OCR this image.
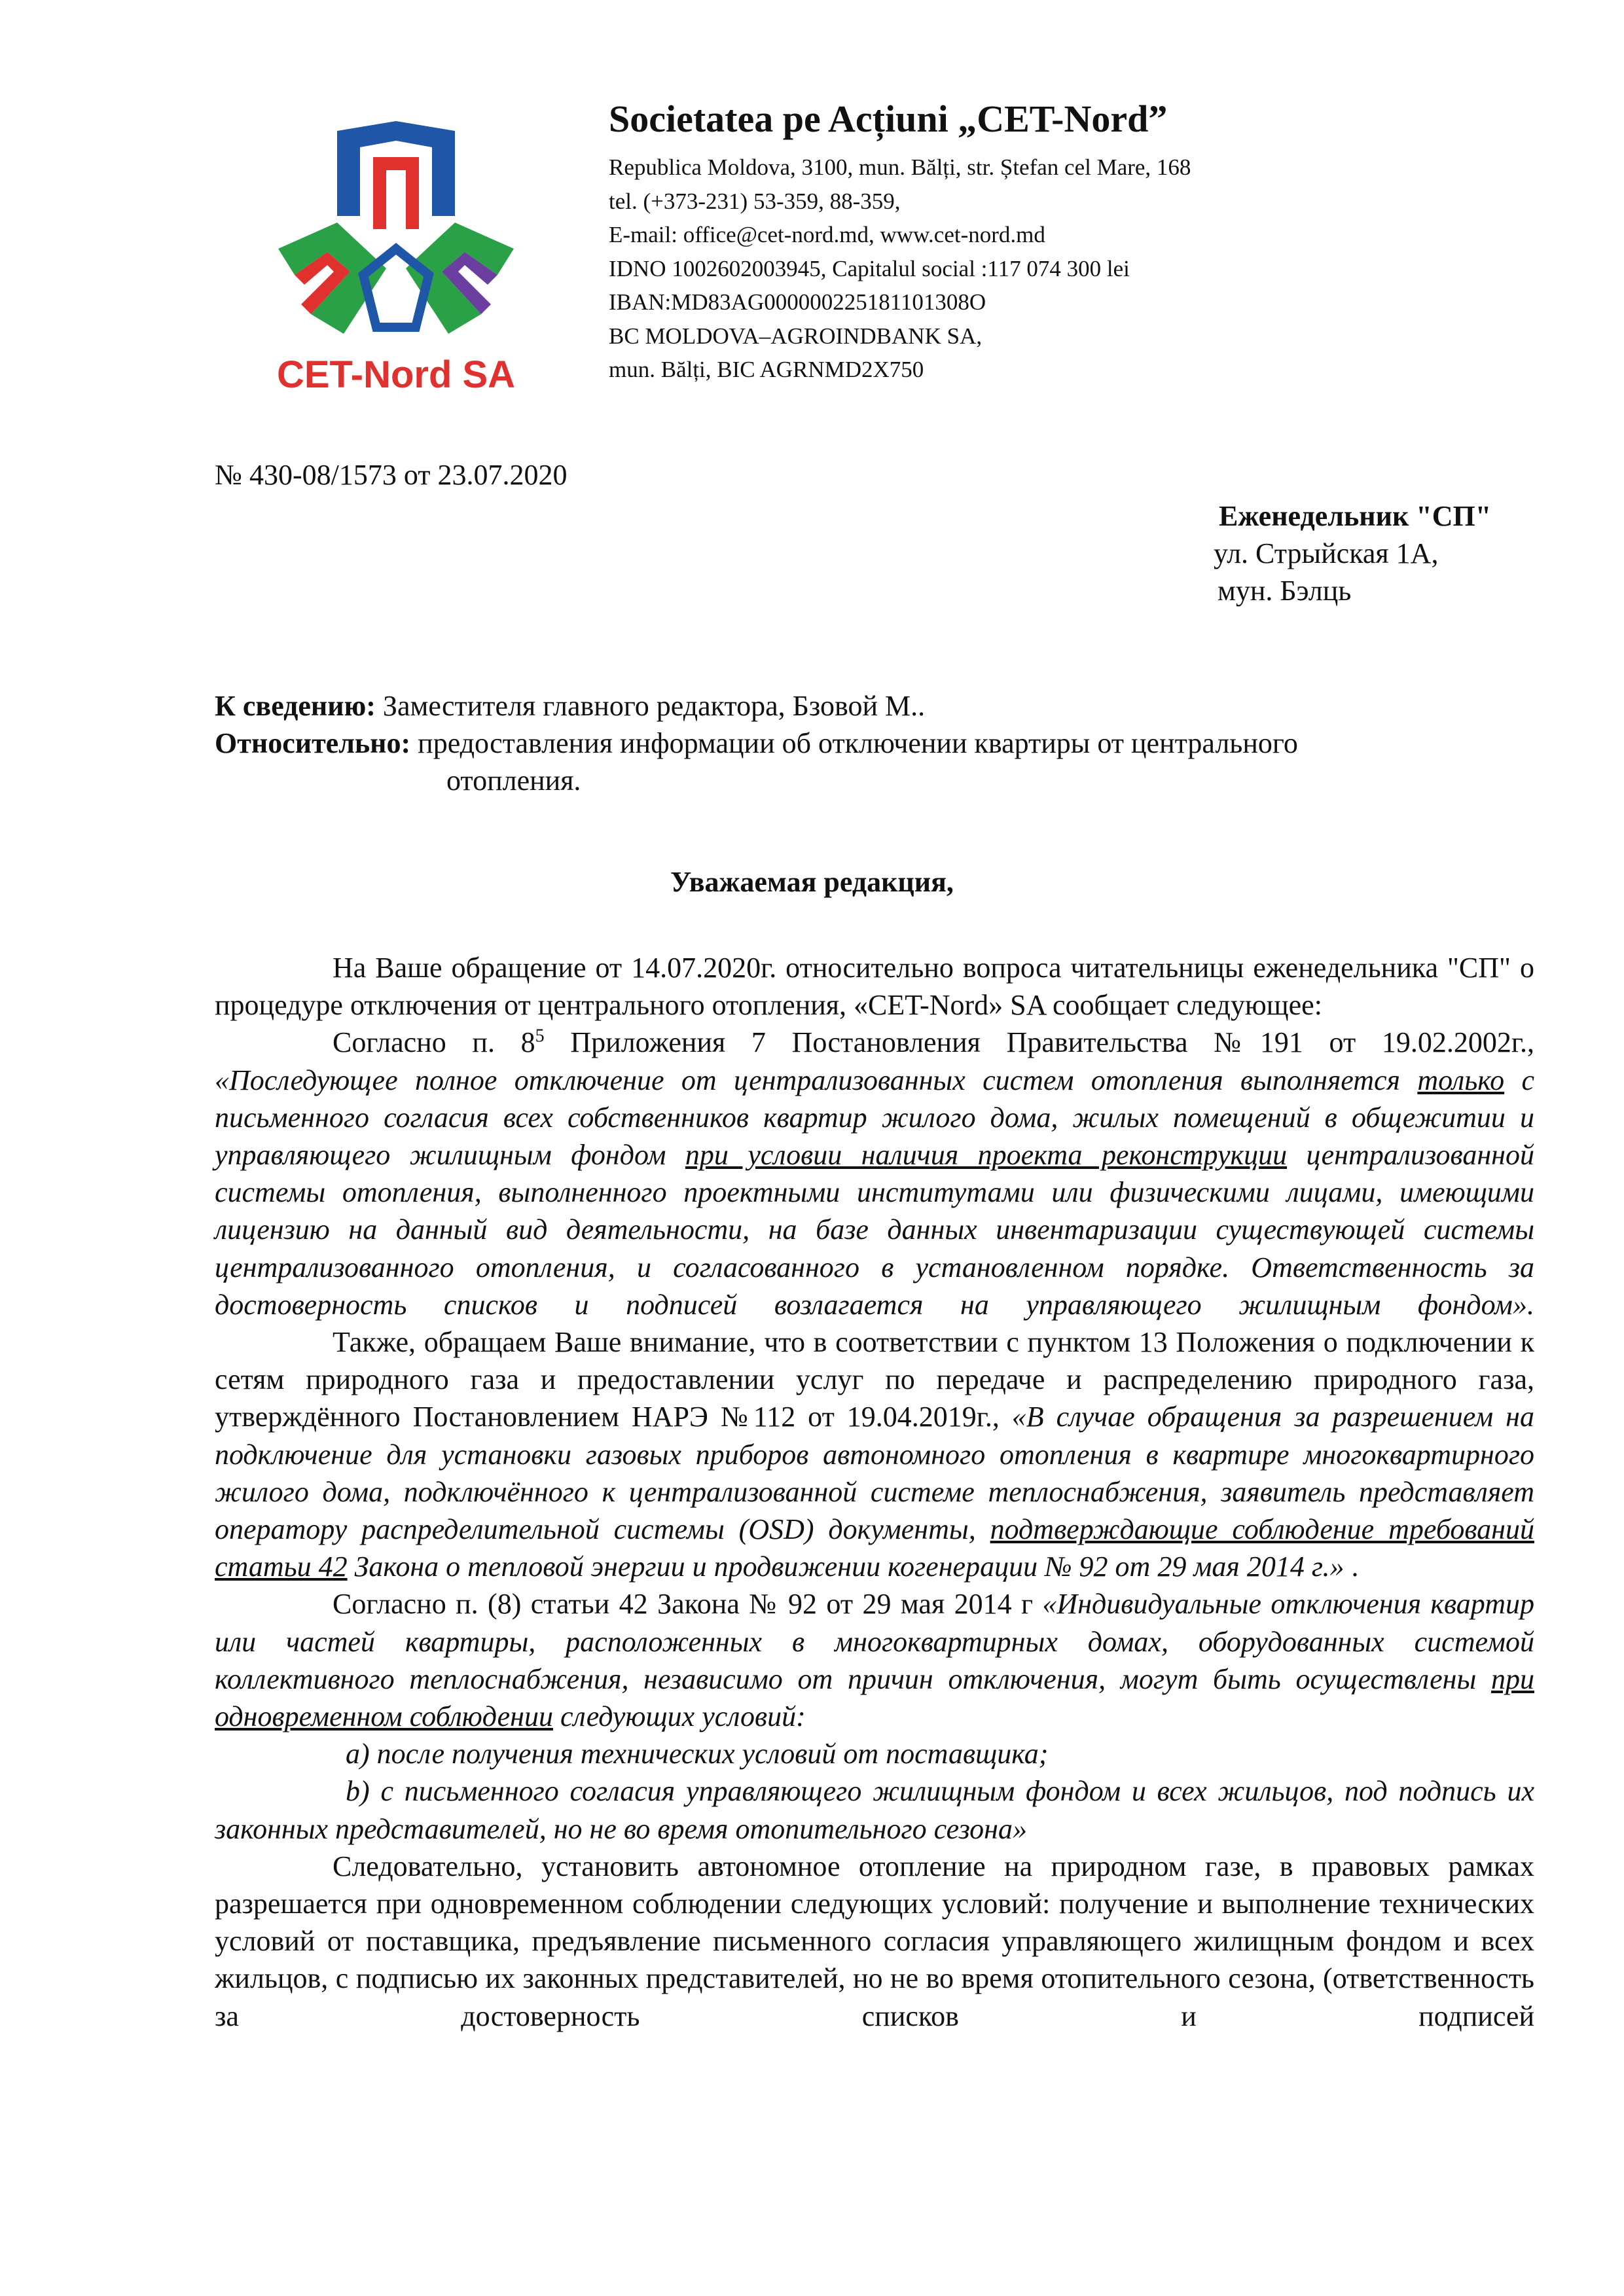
CET-Nord SA
Societatea pe Acțiuni „CET-Nord”
Republica Moldova, 3100, mun. Bălți, str. Ștefan cel Mare, 168
tel. (+373-231) 53-359, 88-359,
E-mail: office@cet-nord.md, www.cet-nord.md
IDNO 1002602003945, Capitalul social :117 074 300 lei
IBAN:MD83AG000000225181101308O
BC MOLDOVA–AGROINDBANK SA,
mun. Bălți, BIC AGRNMD2X750
№ 430-08/1573 от 23.07.2020
Еженедельник "СП"
ул. Стрыйская 1А,
мун. Бэлць
К сведению: Заместителя главного редактора, Бзовой М..
Относительно: предоставления информации об отключении квартиры от центрального
отопления.
Уважаемая редакция,

На Ваше обращение от 14.07.2020г. относительно вопроса читательницы еженедельника "СП" о процедуре отключения от центрального отопления, «CET-Nord» SA сообщает следующее:

Согласно п. $8^5$ Приложения 7 Постановления Правительства №191 от 19.02.2002г., «Последующее полное отключение от централизованных систем отопления выполняется только с письменного согласия всех собственников квартир жилого дома, жилых помещений в общежитии и управляющего жилищным фондом при условии наличия проекта реконструкции централизованной системы отопления, выполненного проектными институтами или физическими лицами, имеющими лицензию на данный вид деятельности, на базе данных инвентаризации существующей системы централизованного отопления, и согласованного в установленном порядке. Ответственность за достоверность списков и подписей возлагается на управляющего жилищным фондом».

Также, обращаем Ваше внимание, что в соответствии с пунктом 13 Положения о подключении к сетям природного газа и предоставлении услуг по передаче и распределению природного газа, утверждённого Постановлением НАРЭ №112 от 19.04.2019г., «В случае обращения за разрешением на подключение для установки газовых приборов автономного отопления в квартире многоквартирного жилого дома, подключённого к централизованной системе теплоснабжения, заявитель представляет оператору распределительной системы (OSD) документы, подтверждающие соблюдение требований статьи 42 Закона о тепловой энергии и продвижении когенерации № 92 от 29 мая 2014 г.» .

Согласно п. (8) статьи 42 Закона № 92 от 29 мая 2014 г «Индивидуальные отключения квартир или частей квартиры, расположенных в многоквартирных домах, оборудованных системой коллективного теплоснабжения, независимо от причин отключения, могут быть осуществлены при одновременном соблюдении следующих условий:

a) после получения технических условий от поставщика;

b) с письменного согласия управляющего жилищным фондом и всех жильцов, под подпись их законных представителей, но не во время отопительного сезона»

Следовательно, установить автономное отопление на природном газе, в правовых рамках разрешается при одновременном соблюдении следующих условий: получение и выполнение технических условий от поставщика, предъявление письменного согласия управляющего жилищным фондом и всех жильцов, с подписью их законных представителей, но не во время отопительного сезона, (ответственность за достоверность списков и подписей
